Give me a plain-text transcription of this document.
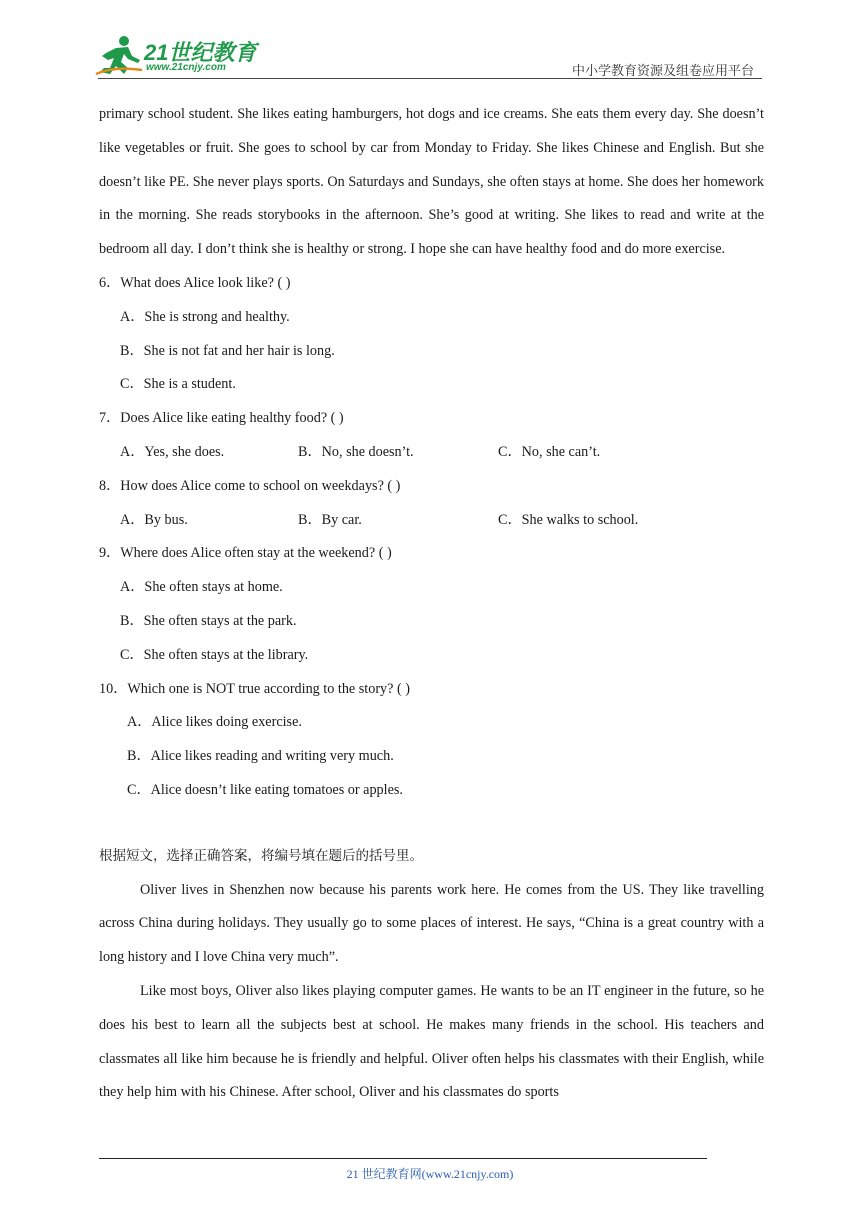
21世纪教育
www.21cnjy.com	中小学教育资源及组卷应用平台

primary school student. She likes eating hamburgers, hot dogs and ice creams. She eats them every day. She doesn’t like vegetables or fruit. She goes to school by car from Monday to Friday. She likes Chinese and English. But she doesn’t like PE. She never plays sports. On Saturdays and Sundays, she often stays at home. She does her homework in the morning. She reads storybooks in the afternoon. She’s good at writing. She likes to read and write at the bedroom all day. I don’t think she is healthy or strong. I hope she can have healthy food and do more exercise.

6．What does Alice look like? ( )
A．She is strong and healthy.
B．She is not fat and her hair is long.
C．She is a student.
7．Does Alice like eating healthy food? ( )
A．Yes, she does.	B．No, she doesn’t.	C．No, she can’t.
8．How does Alice come to school on weekdays? ( )
A．By bus.	B．By car.	C．She walks to school.
9．Where does Alice often stay at the weekend? ( )
A．She often stays at home.
B．She often stays at the park.
C．She often stays at the library.
10．Which one is NOT true according to the story? ( )
A．Alice likes doing exercise.
B．Alice likes reading and writing very much.
C．Alice doesn’t like eating tomatoes or apples.
根据短文，选择正确答案，将编号填在题后的括号里。

Oliver lives in Shenzhen now because his parents work here. He comes from the US. They like travelling across China during holidays. They usually go to some places of interest. He says, “China is a great country with a long history and I love China very much”.

Like most boys, Oliver also likes playing computer games. He wants to be an IT engineer in the future, so he does his best to learn all the subjects best at school. He makes many friends in the school. His teachers and classmates all like him because he is friendly and helpful. Oliver often helps his classmates with their English, while they help him with his Chinese. After school, Oliver and his classmates do sports

21 世纪教育网(www.21cnjy.com)
